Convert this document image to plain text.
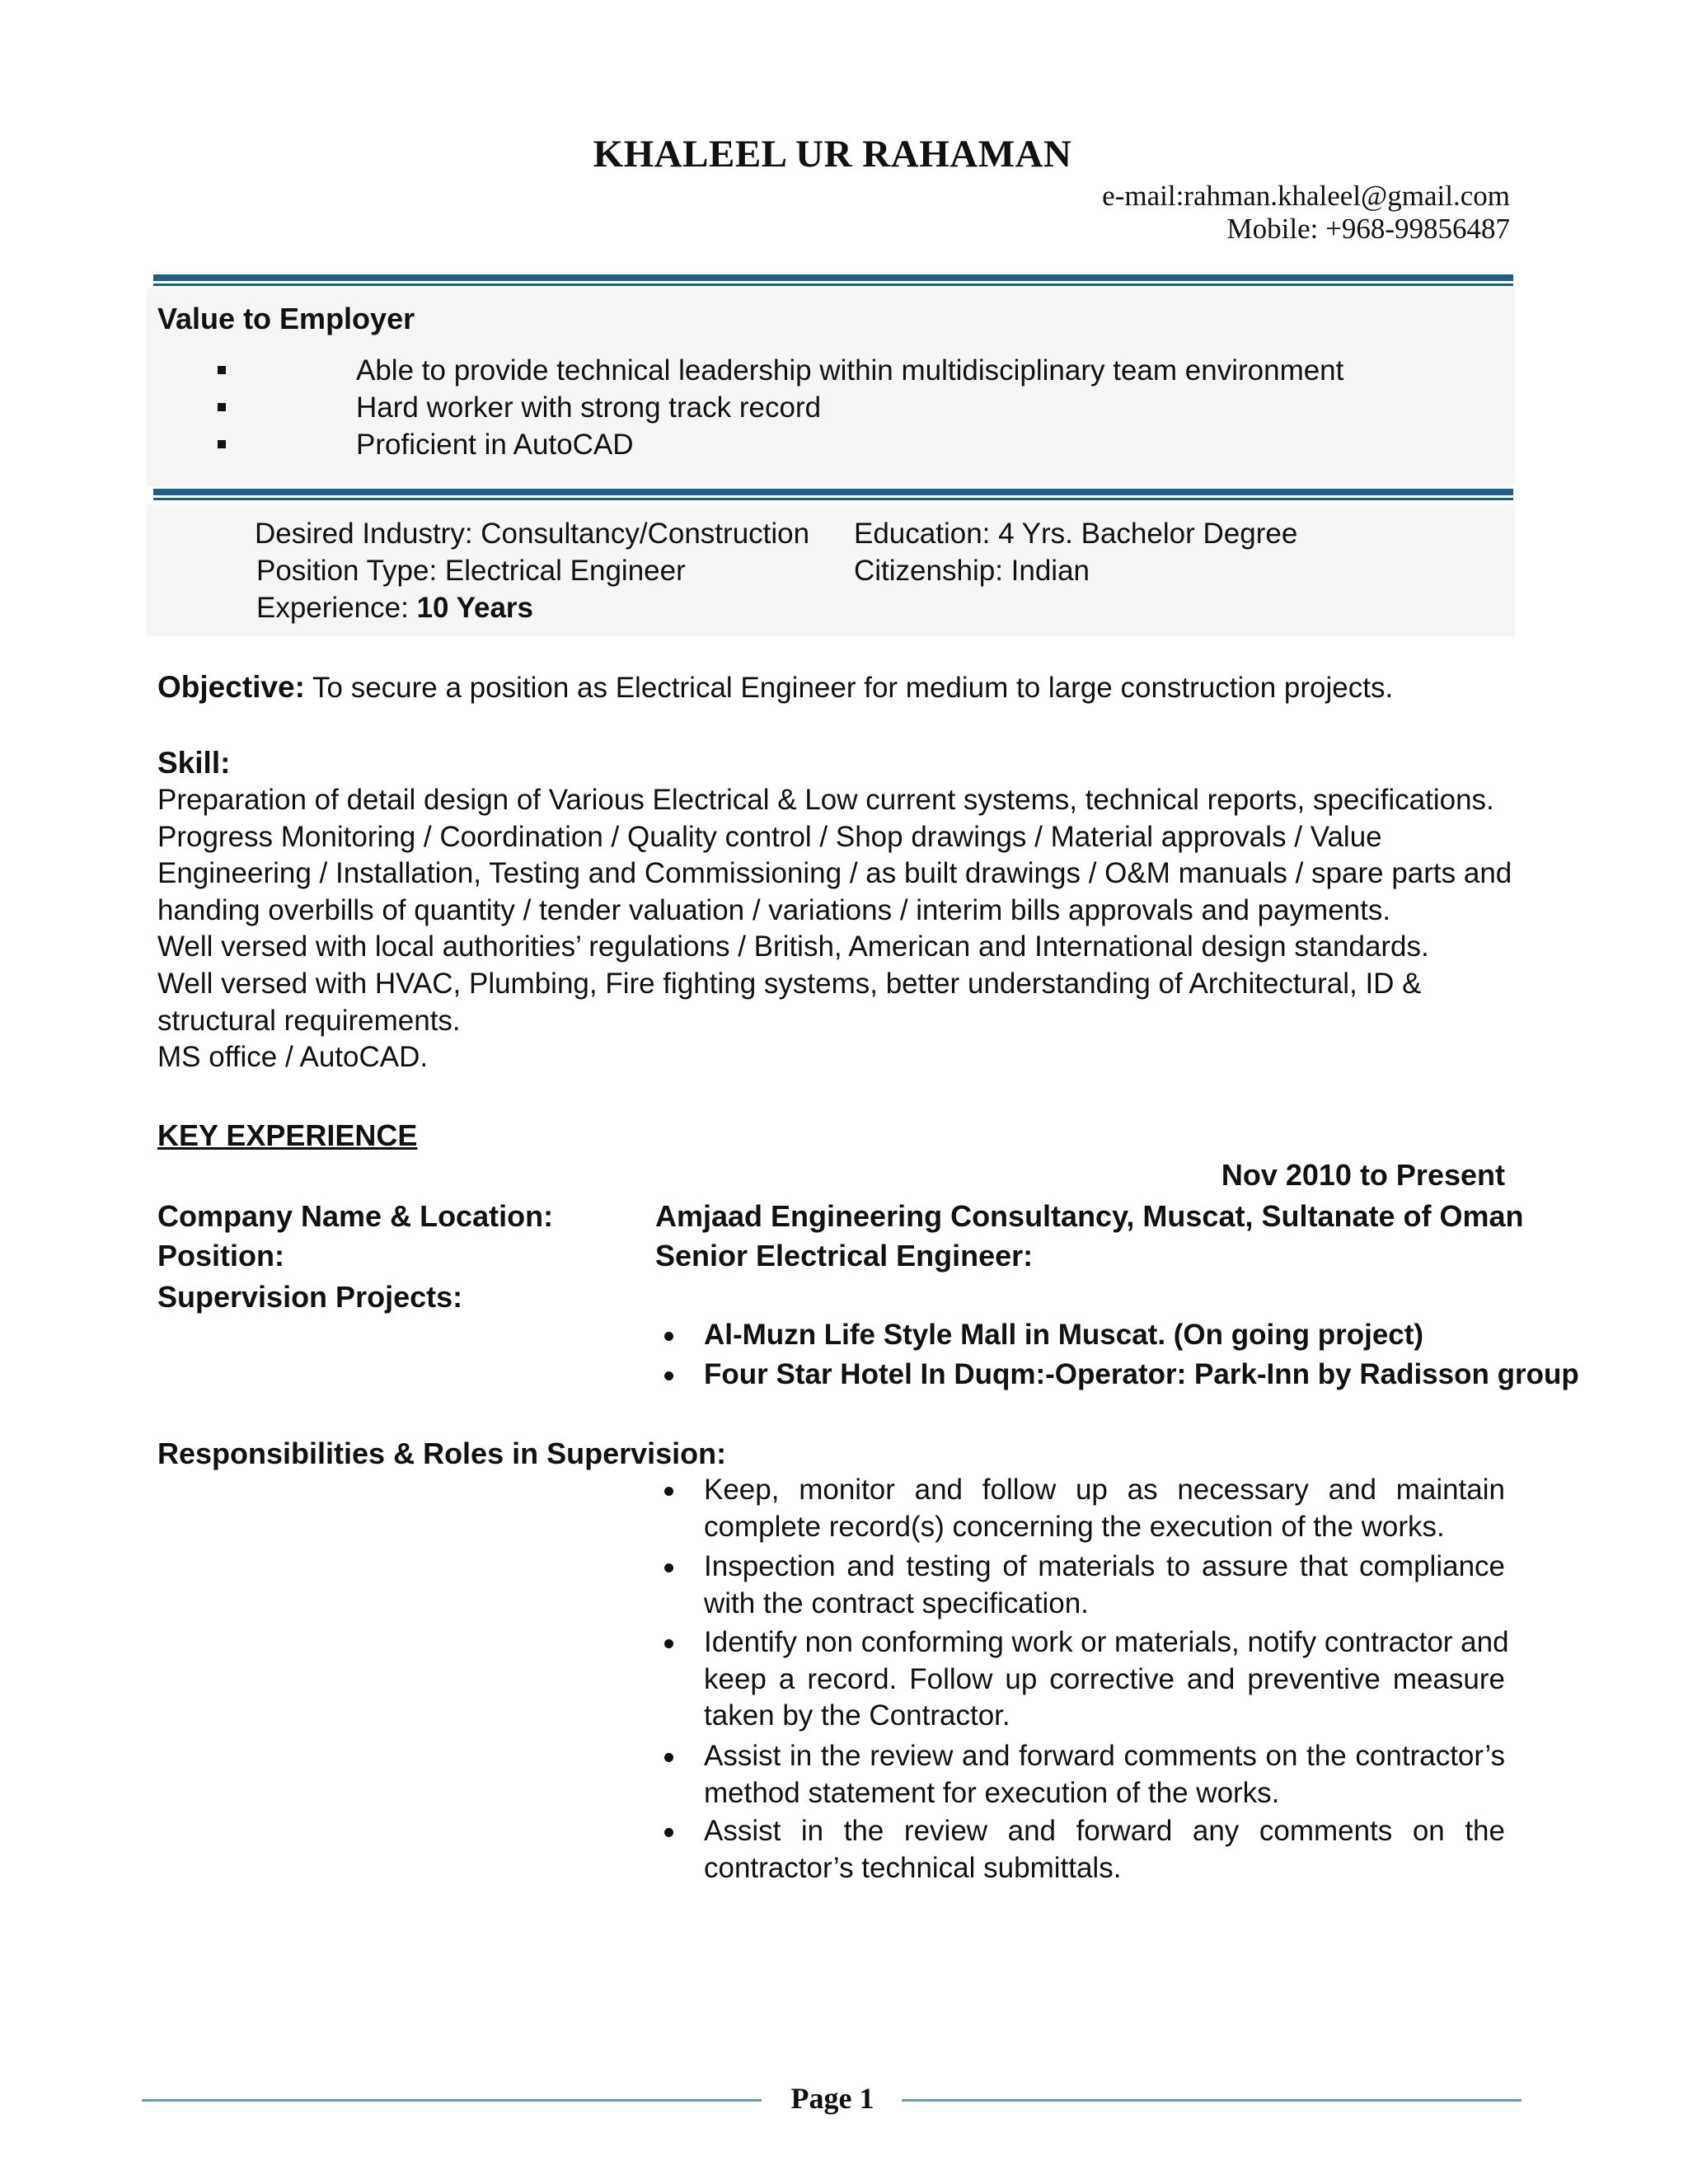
KHALEEL UR RAHAMAN
e-mail:rahman.khaleel@gmail.com
Mobile: +968-99856487
Value to Employer
Able to provide technical leadership within multidisciplinary team environment
Hard worker with strong track record
Proficient in AutoCAD
Desired Industry: Consultancy/Construction
Position Type: Electrical Engineer
Experience: 10 Years
Education: 4 Yrs. Bachelor Degree
Citizenship: Indian
Objective: To secure a position as Electrical Engineer for medium to large construction projects.
Skill:
Preparation of detail design of Various Electrical & Low current systems, technical reports, specifications.
Progress Monitoring / Coordination / Quality control / Shop drawings / Material approvals / Value
Engineering / Installation, Testing and Commissioning / as built drawings / O&M manuals / spare parts and
handing overbills of quantity / tender valuation / variations / interim bills approvals and payments.
Well versed with local authorities’ regulations / British, American and International design standards.
Well versed with HVAC, Plumbing, Fire fighting systems, better understanding of Architectural, ID &
structural requirements.
MS office / AutoCAD.
KEY EXPERIENCE
Nov 2010 to Present
Company Name & Location:	Amjaad Engineering Consultancy, Muscat, Sultanate of Oman
Position:	Senior Electrical Engineer:
Supervision Projects:
Al-Muzn Life Style Mall in Muscat. (On going project)
Four Star Hotel In Duqm:-Operator: Park-Inn by Radisson group
Responsibilities & Roles in Supervision:
Keep, monitor and follow up as necessary and maintain
complete record(s) concerning the execution of the works.
Inspection and testing of materials to assure that compliance
with the contract specification.
Identify non conforming work or materials, notify contractor and
keep a record. Follow up corrective and preventive measure
taken by the Contractor.
Assist in the review and forward comments on the contractor’s
method statement for execution of the works.
Assist in the review and forward any comments on the
contractor’s technical submittals.
Page 1
